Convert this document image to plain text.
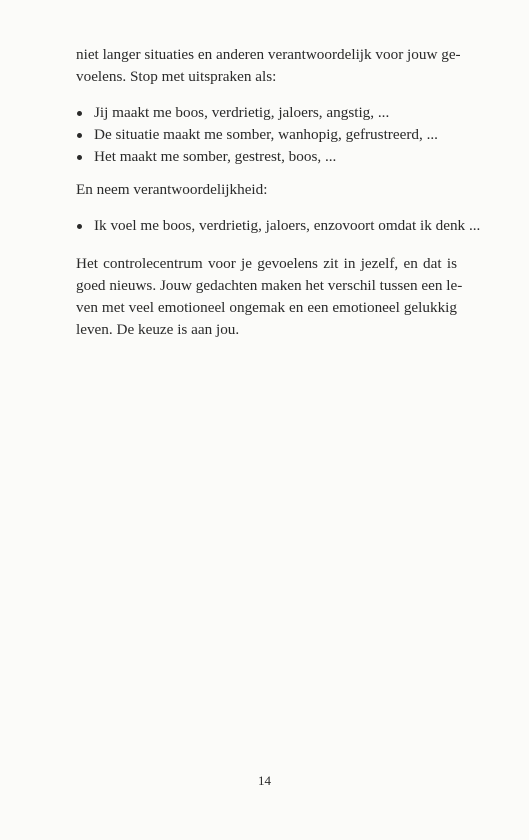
niet langer situaties en anderen verantwoordelijk voor jouw ge-
voelens. Stop met uitspraken als:
Jij maakt me boos, verdrietig, jaloers, angstig, ...
De situatie maakt me somber, wanhopig, gefrustreerd, ...
Het maakt me somber, gestrest, boos, ...
En neem verantwoordelijkheid:
Ik voel me boos, verdrietig, jaloers, enzovoort omdat ik denk ...
Het controlecentrum voor je gevoelens zit in jezelf, en dat is
goed nieuws. Jouw gedachten maken het verschil tussen een le-
ven met veel emotioneel ongemak en een emotioneel gelukkig
leven. De keuze is aan jou.
14
